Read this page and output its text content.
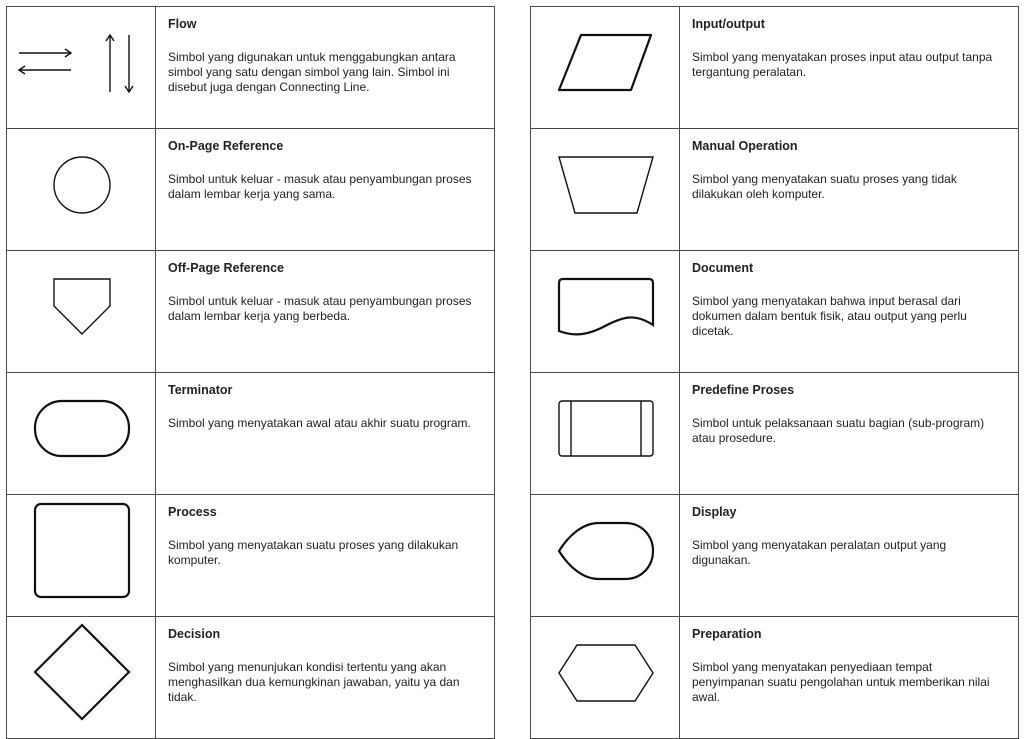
Flow

Simbol yang digunakan untuk menggabungkan antara simbol yang satu dengan simbol yang lain. Simbol ini disebut juga dengan Connecting Line.

On-Page Reference

Simbol untuk keluar - masuk atau penyambungan proses dalam lembar kerja yang sama.

Off-Page Reference

Simbol untuk keluar - masuk atau penyambungan proses dalam lembar kerja yang berbeda.

Terminator

Simbol yang menyatakan awal atau akhir suatu program.

Process

Simbol yang menyatakan suatu proses yang dilakukan komputer.

Decision

Simbol yang menunjukan kondisi tertentu yang akan menghasilkan dua kemungkinan jawaban, yaitu ya dan tidak.

Input/output

Simbol yang menyatakan proses input atau output tanpa tergantung peralatan.

Manual Operation

Simbol yang menyatakan suatu proses yang tidak dilakukan oleh komputer.

Document

Simbol yang menyatakan bahwa input berasal dari dokumen dalam bentuk fisik, atau output yang perlu dicetak.

Predefine Proses

Simbol untuk pelaksanaan suatu bagian (sub-program) atau prosedure.

Display

Simbol yang menyatakan peralatan output yang digunakan.

Preparation

Simbol yang menyatakan penyediaan tempat penyimpanan suatu pengolahan untuk memberikan nilai awal.
